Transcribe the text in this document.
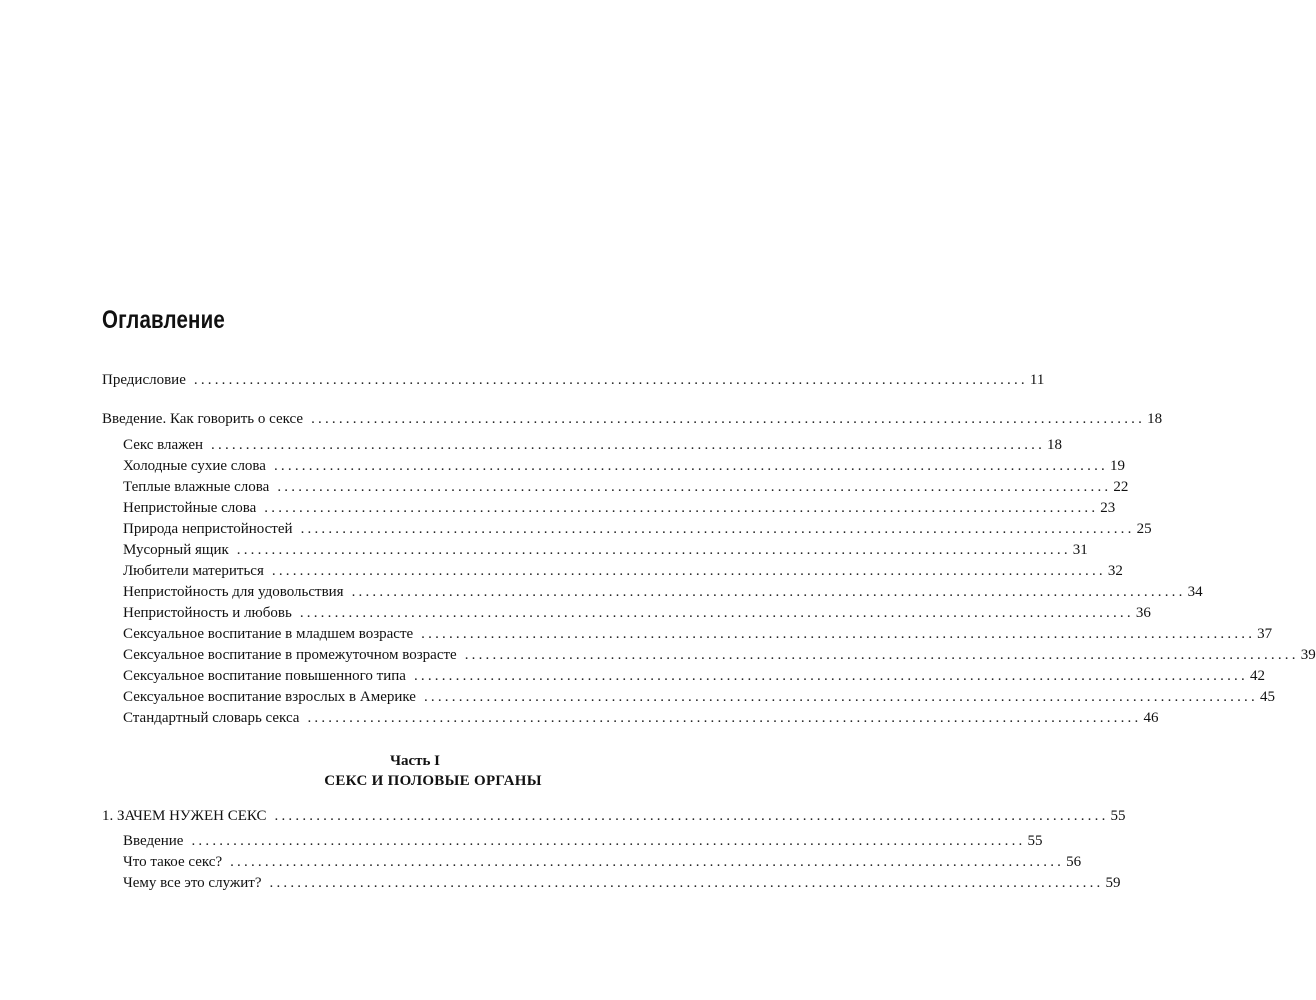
Оглавление
Предисловие ........................................................................................................................ 11
Введение. Как говорить о сексе ........................................................................................................................ 18
Секс влажен ........................................................................................................................ 18
Холодные сухие слова ........................................................................................................................ 19
Теплые влажные слова ........................................................................................................................ 22
Непристойные слова ........................................................................................................................ 23
Природа непристойностей ........................................................................................................................ 25
Мусорный ящик ........................................................................................................................ 31
Любители материться ........................................................................................................................ 32
Непристойность для удовольствия ........................................................................................................................ 34
Непристойность и любовь ........................................................................................................................ 36
Сексуальное воспитание в младшем возрасте ........................................................................................................................ 37
Сексуальное воспитание в промежуточном возрасте ........................................................................................................................ 39
Сексуальное воспитание повышенного типа ........................................................................................................................ 42
Сексуальное воспитание взрослых в Америке ........................................................................................................................ 45
Стандартный словарь секса ........................................................................................................................ 46
Часть I
СЕКС И ПОЛОВЫЕ ОРГАНЫ
1. ЗАЧЕМ НУЖЕН СЕКС ........................................................................................................................ 55
Введение ........................................................................................................................ 55
Что такое секс? ........................................................................................................................ 56
Чему все это служит? ........................................................................................................................ 59
